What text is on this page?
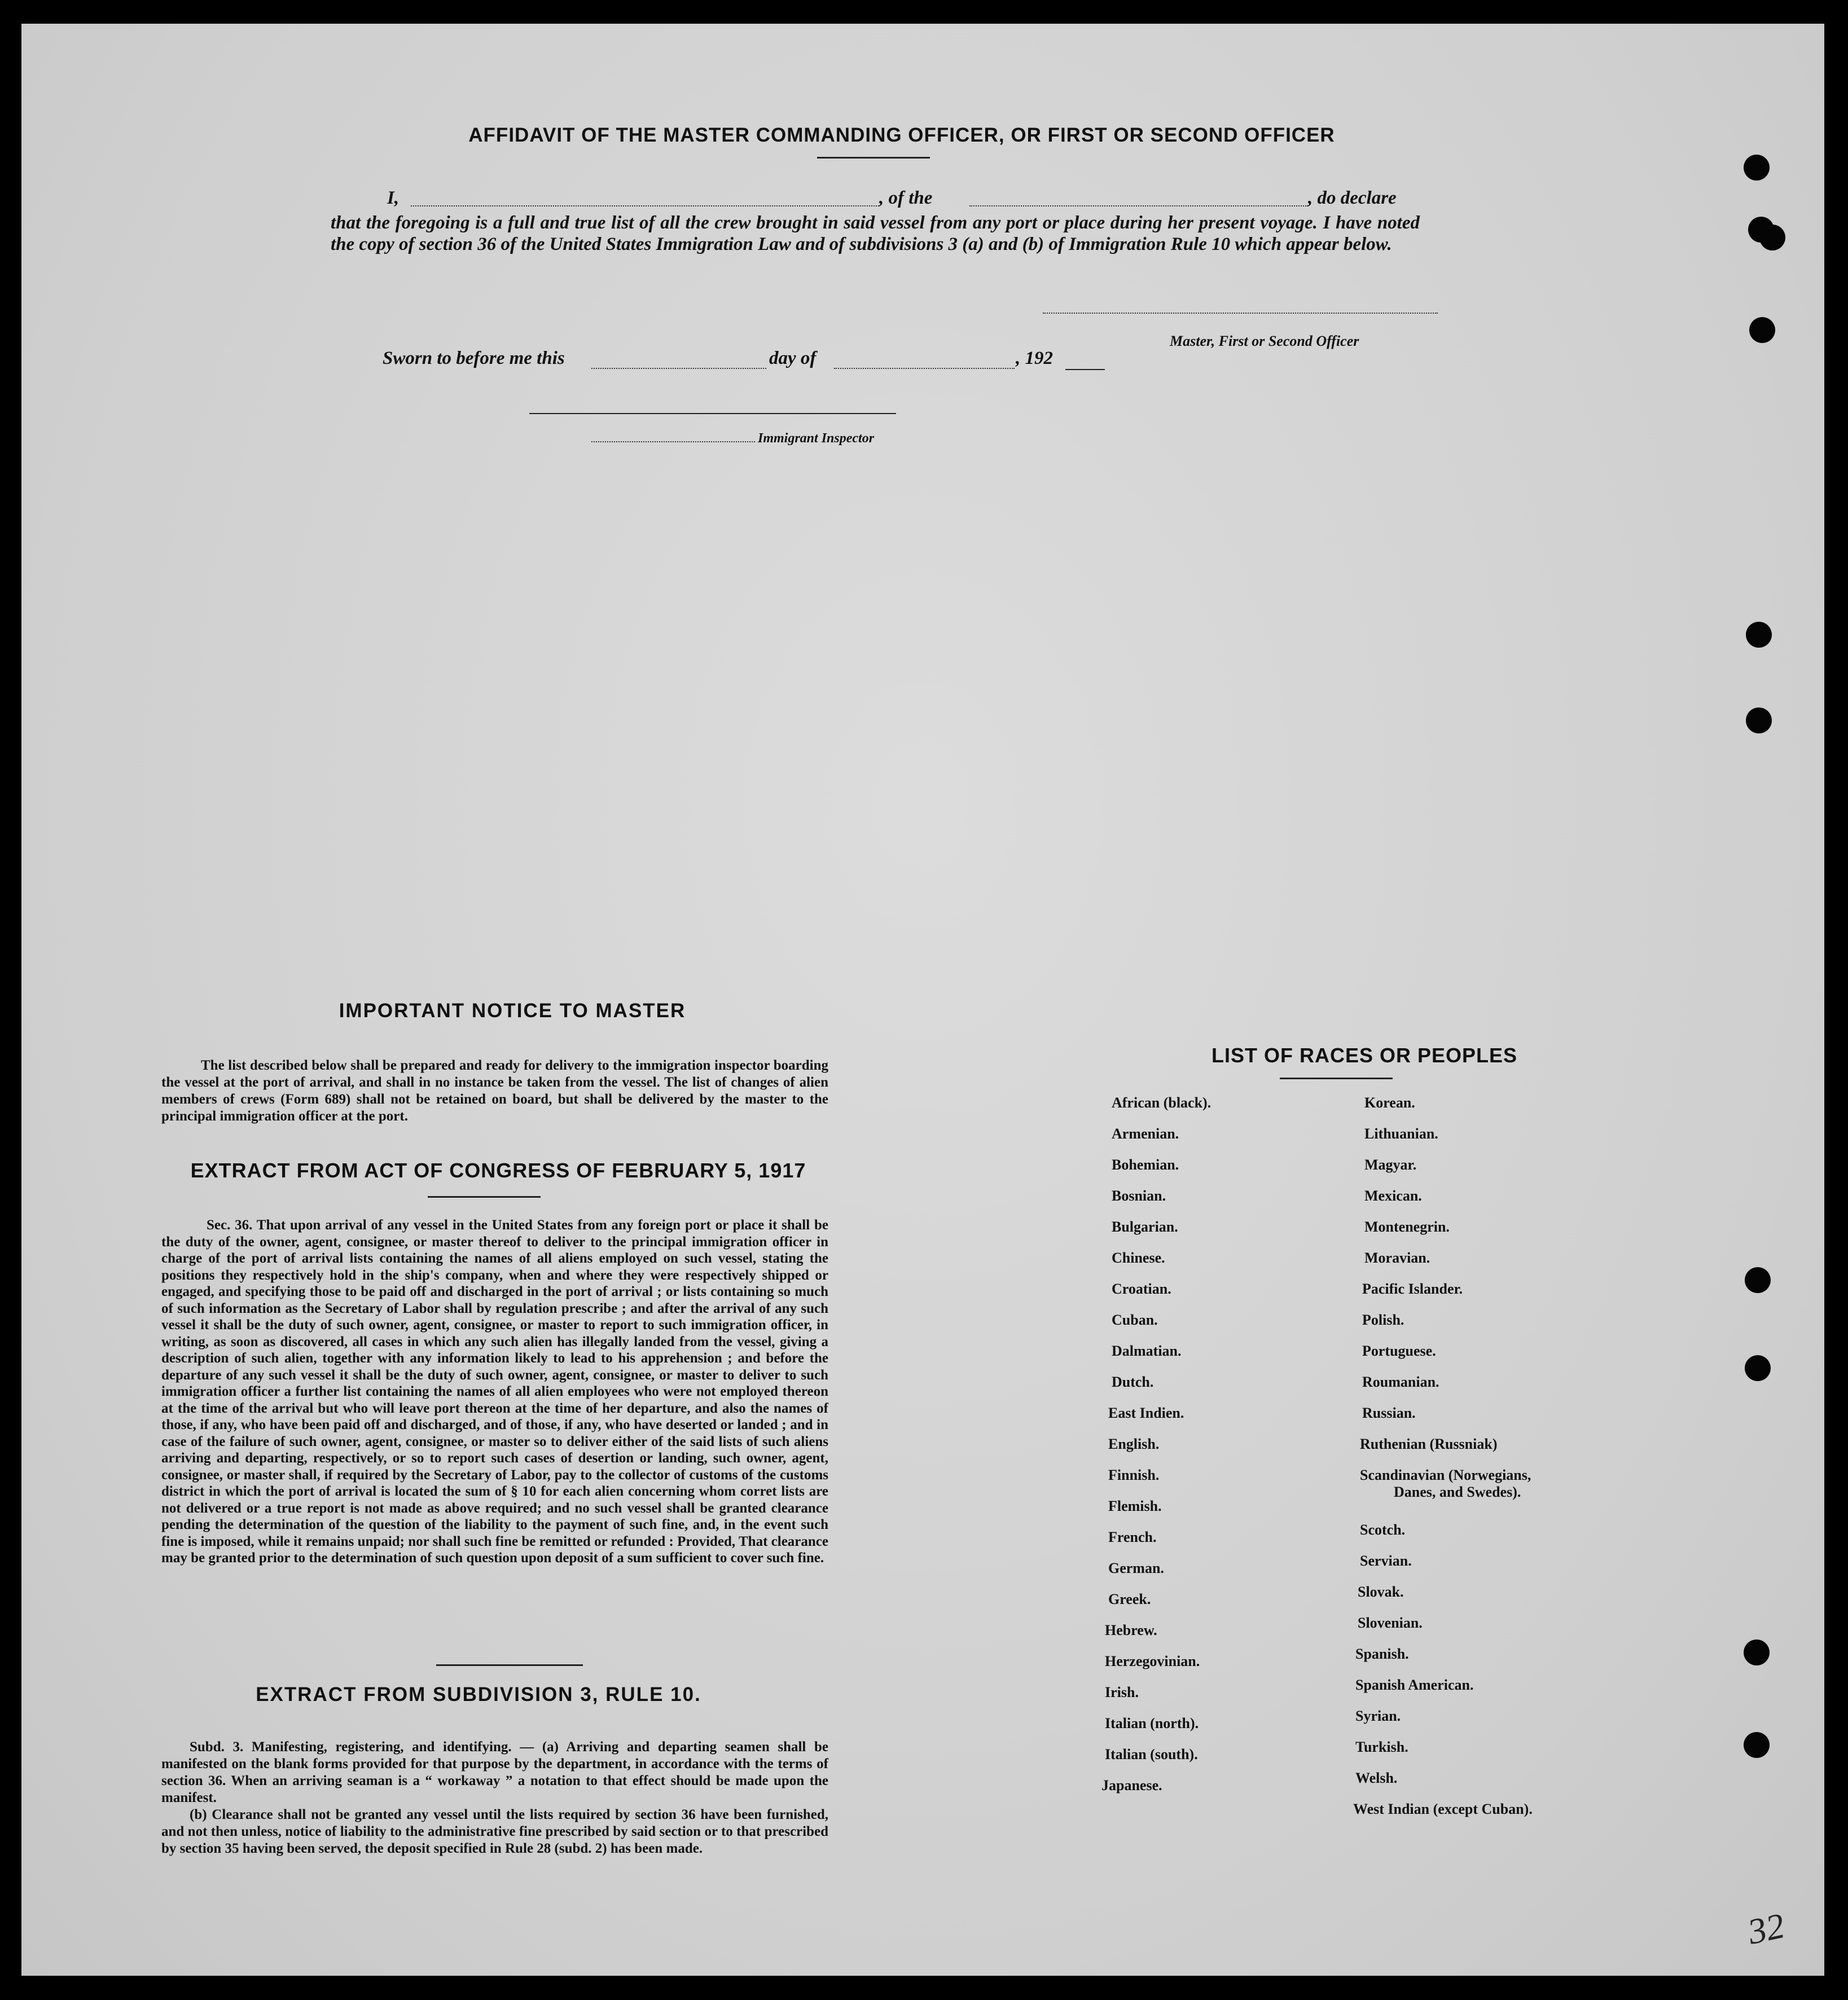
AFFIDAVIT OF THE MASTER COMMANDING OFFICER, OR FIRST OR SECOND OFFICER
I,	, of the	, do declare
that the foregoing is a full and true list of all the crew brought in said vessel from any port or place during her present voyage. I have noted the copy of section 36 of the United States Immigration Law and of subdivisions 3 (a) and (b) of Immigration Rule 10 which appear below.
Master, First or Second Officer
Sworn to before me this	day of	, 192
Immigrant Inspector
IMPORTANT NOTICE TO MASTER
The list described below shall be prepared and ready for delivery to the immigration inspector boarding the vessel at the port of arrival, and shall in no instance be taken from the vessel. The list of changes of alien members of crews (Form 689) shall not be retained on board, but shall be delivered by the master to the principal immigration officer at the port.
EXTRACT FROM ACT OF CONGRESS OF FEBRUARY 5, 1917
Sec. 36. That upon arrival of any vessel in the United States from any foreign port or place it shall be the duty of the owner, agent, consignee, or master thereof to deliver to the principal immigration officer in charge of the port of arrival lists containing the names of all aliens employed on such vessel, stating the positions they respectively hold in the ship's company, when and where they were respectively shipped or engaged, and specifying those to be paid off and discharged in the port of arrival ; or lists containing so much of such information as the Secretary of Labor shall by regulation prescribe ; and after the arrival of any such vessel it shall be the duty of such owner, agent, consignee, or master to report to such immigration officer, in writing, as soon as discovered, all cases in which any such alien has illegally landed from the vessel, giving a description of such alien, together with any information likely to lead to his apprehension ; and before the departure of any such vessel it shall be the duty of such owner, agent, consignee, or master to deliver to such immigration officer a further list containing the names of all alien employees who were not employed thereon at the time of the arrival but who will leave port thereon at the time of her departure, and also the names of those, if any, who have been paid off and discharged, and of those, if any, who have deserted or landed ; and in case of the failure of such owner, agent, consignee, or master so to deliver either of the said lists of such aliens arriving and departing, respectively, or so to report such cases of desertion or landing, such owner, agent, consignee, or master shall, if required by the Secretary of Labor, pay to the collector of customs of the customs district in which the port of arrival is located the sum of § 10 for each alien concerning whom corret lists are not delivered or a true report is not made as above required; and no such vessel shall be granted clearance pending the determination of the question of the liability to the payment of such fine, and, in the event such fine is imposed, while it remains unpaid; nor shall such fine be remitted or refunded : Provided, That clearance may be granted prior to the determination of such question upon deposit of a sum sufficient to cover such fine.
EXTRACT FROM SUBDIVISION 3, RULE 10.
Subd. 3. Manifesting, registering, and identifying. — (a) Arriving and departing seamen shall be manifested on the blank forms provided for that purpose by the department, in accordance with the terms of section 36. When an arriving seaman is a “ workaway ” a notation to that effect should be made upon the manifest.
(b) Clearance shall not be granted any vessel until the lists required by section 36 have been furnished, and not then unless, notice of liability to the administrative fine prescribed by said section or to that prescribed by section 35 having been served, the deposit specified in Rule 28 (subd. 2) has been made.
LIST OF RACES OR PEOPLES
African (black).
Armenian.
Bohemian.
Bosnian.
Bulgarian.
Chinese.
Croatian.
Cuban.
Dalmatian.
Dutch.
East Indien.
English.
Finnish.
Flemish.
French.
German.
Greek.
Hebrew.
Herzegovinian.
Irish.
Italian (north).
Italian (south).
Japanese.
Korean.
Lithuanian.
Magyar.
Mexican.
Montenegrin.
Moravian.
Pacific Islander.
Polish.
Portuguese.
Roumanian.
Russian.
Ruthenian (Russniak)
Scandinavian (Norwegians,
Danes, and Swedes).
Scotch.
Servian.
Slovak.
Slovenian.
Spanish.
Spanish American.
Syrian.
Turkish.
Welsh.
West Indian (except Cuban).
32
